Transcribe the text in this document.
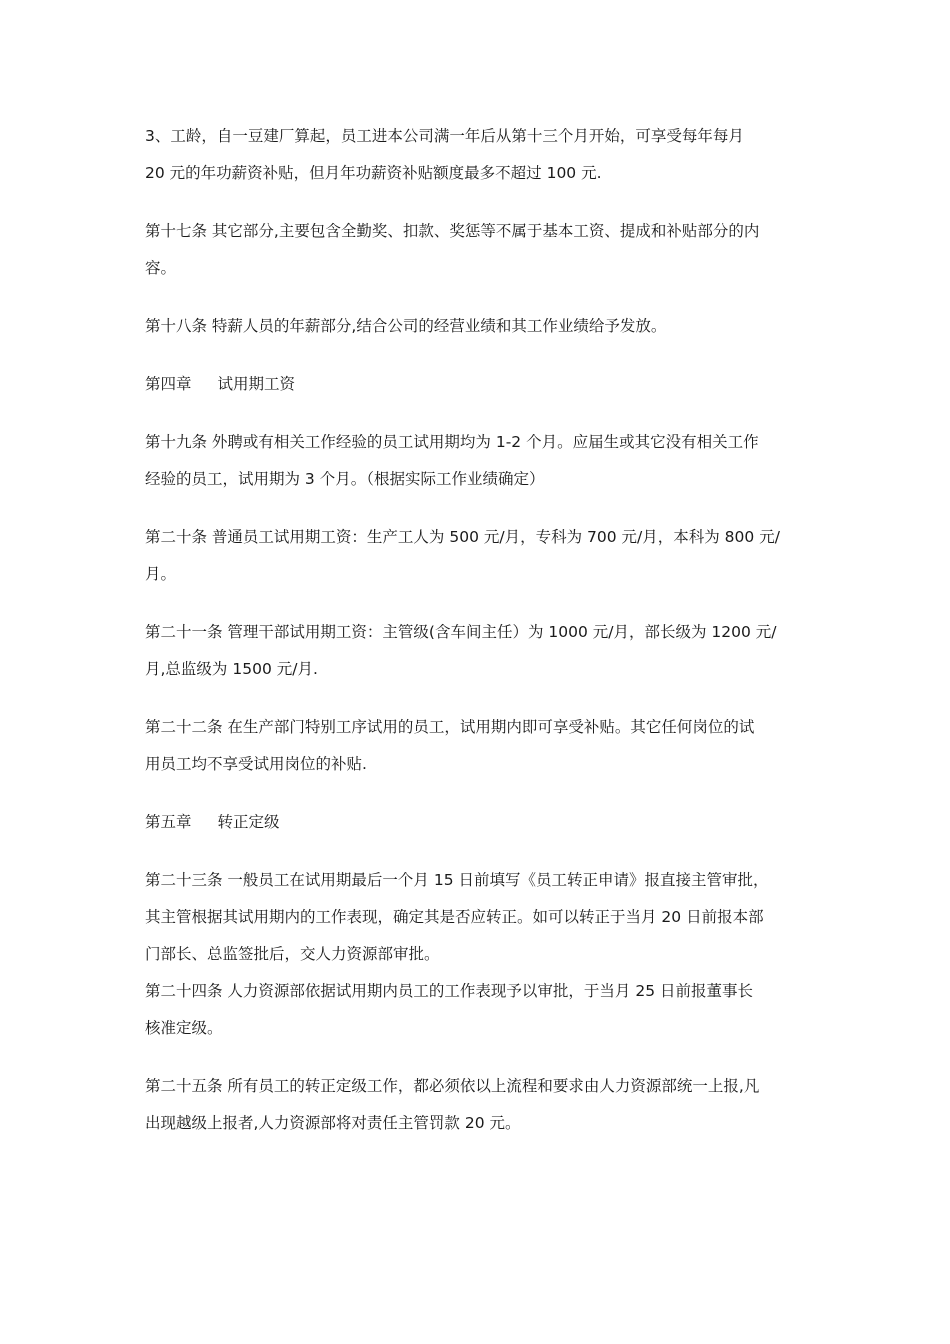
3、工龄，自一豆建厂算起，员工进本公司满一年后从第十三个月开始，可享受每年每月
20 元的年功薪资补贴，但月年功薪资补贴额度最多不超过 100 元.

第十七条 其它部分,主要包含全勤奖、扣款、奖惩等不属于基本工资、提成和补贴部分的内
容。

第十八条 特薪人员的年薪部分,结合公司的经营业绩和其工作业绩给予发放。

第四章 试用期工资

第十九条 外聘或有相关工作经验的员工试用期均为 1-2 个月。应届生或其它没有相关工作
经验的员工，试用期为 3 个月。（根据实际工作业绩确定）

第二十条 普通员工试用期工资：生产工人为 500 元/月，专科为 700 元/月，本科为 800 元/
月。

第二十一条 管理干部试用期工资：主管级(含车间主任）为 1000 元/月，部长级为 1200 元/
月,总监级为 1500 元/月.

第二十二条 在生产部门特别工序试用的员工，试用期内即可享受补贴。其它任何岗位的试
用员工均不享受试用岗位的补贴.

第五章 转正定级

第二十三条 一般员工在试用期最后一个月 15 日前填写《员工转正申请》报直接主管审批，
其主管根据其试用期内的工作表现，确定其是否应转正。如可以转正于当月 20 日前报本部
门部长、总监签批后，交人力资源部审批。

第二十四条 人力资源部依据试用期内员工的工作表现予以审批，于当月 25 日前报董事长
核准定级。

第二十五条 所有员工的转正定级工作，都必须依以上流程和要求由人力资源部统一上报,凡
出现越级上报者,人力资源部将对责任主管罚款 20 元。
